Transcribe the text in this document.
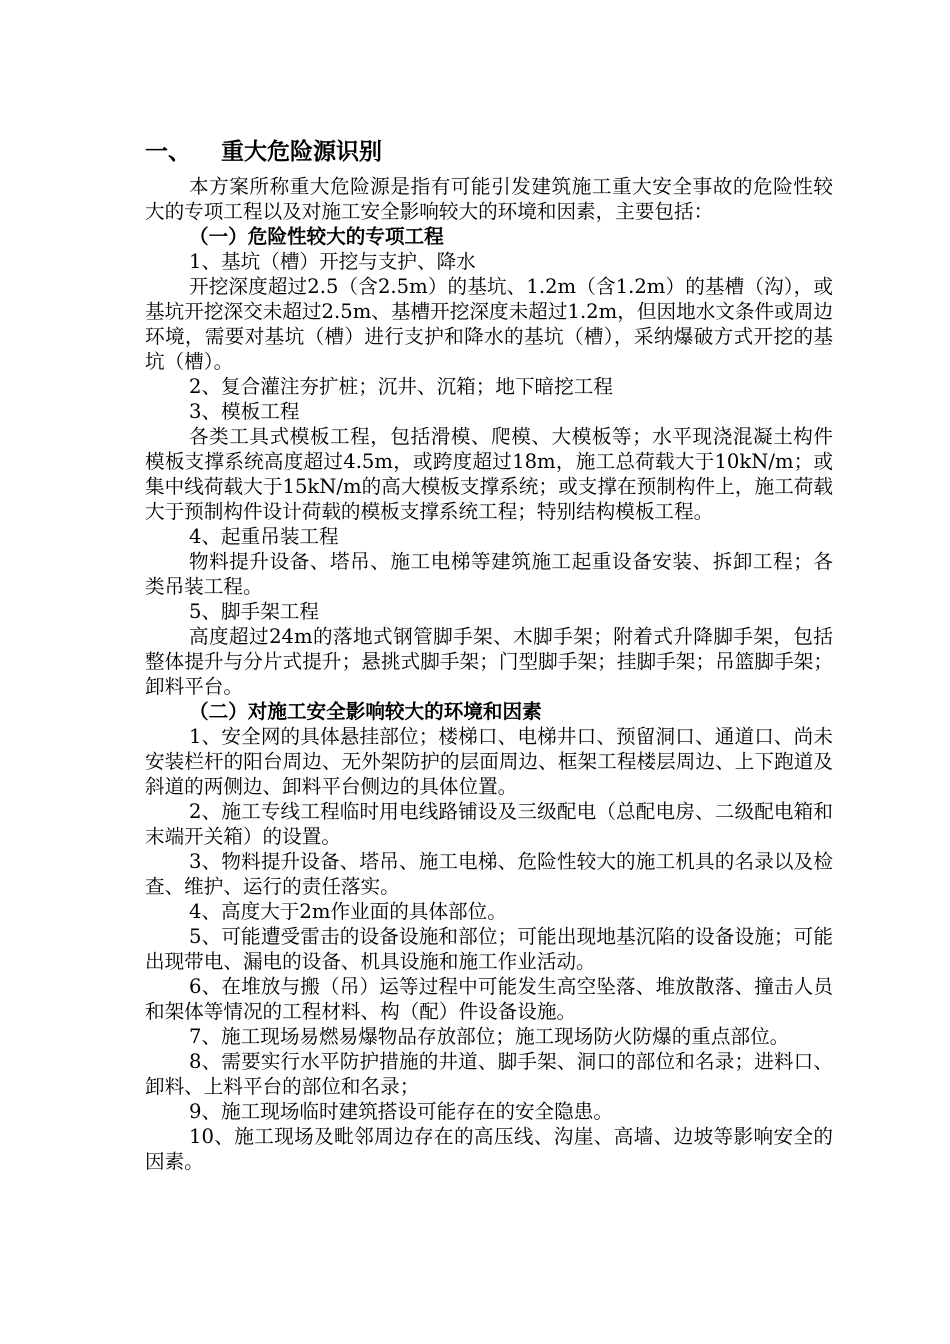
一、 重大危险源识别

本方案所称重大危险源是指有可能引发建筑施工重大安全事故的危险性较大的专项工程以及对施工安全影响较大的环境和因素，主要包括：

（一）危险性较大的专项工程

1、基坑（槽）开挖与支护、降水

开挖深度超过2.5（含2.5m）的基坑、1.2m（含1.2m）的基槽（沟），或基坑开挖深交未超过2.5m、基槽开挖深度未超过1.2m，但因地水文条件或周边环境，需要对基坑（槽）进行支护和降水的基坑（槽），采纳爆破方式开挖的基坑（槽）。

2、复合灌注夯扩桩；沉井、沉箱；地下暗挖工程

3、模板工程

各类工具式模板工程，包括滑模、爬模、大模板等；水平现浇混凝土构件模板支撑系统高度超过4.5m，或跨度超过18m，施工总荷载大于10kN/m；或集中线荷载大于15kN/m的高大模板支撑系统；或支撑在预制构件上，施工荷载大于预制构件设计荷载的模板支撑系统工程；特别结构模板工程。

4、起重吊装工程

物料提升设备、塔吊、施工电梯等建筑施工起重设备安装、拆卸工程；各类吊装工程。

5、脚手架工程

高度超过24m的落地式钢管脚手架、木脚手架；附着式升降脚手架，包括整体提升与分片式提升；悬挑式脚手架；门型脚手架；挂脚手架；吊篮脚手架；卸料平台。

（二）对施工安全影响较大的环境和因素

1、安全网的具体悬挂部位；楼梯口、电梯井口、预留洞口、通道口、尚未安装栏杆的阳台周边、无外架防护的层面周边、框架工程楼层周边、上下跑道及斜道的两侧边、卸料平台侧边的具体位置。

2、施工专线工程临时用电线路铺设及三级配电（总配电房、二级配电箱和末端开关箱）的设置。

3、物料提升设备、塔吊、施工电梯、危险性较大的施工机具的名录以及检查、维护、运行的责任落实。

4、高度大于2m作业面的具体部位。

5、可能遭受雷击的设备设施和部位；可能出现地基沉陷的设备设施；可能出现带电、漏电的设备、机具设施和施工作业活动。

6、在堆放与搬（吊）运等过程中可能发生高空坠落、堆放散落、撞击人员和架体等情况的工程材料、构（配）件设备设施。

7、施工现场易燃易爆物品存放部位；施工现场防火防爆的重点部位。

8、需要实行水平防护措施的井道、脚手架、洞口的部位和名录；进料口、卸料、上料平台的部位和名录；

9、施工现场临时建筑搭设可能存在的安全隐患。

10、施工现场及毗邻周边存在的高压线、沟崖、高墙、边坡等影响安全的因素。
